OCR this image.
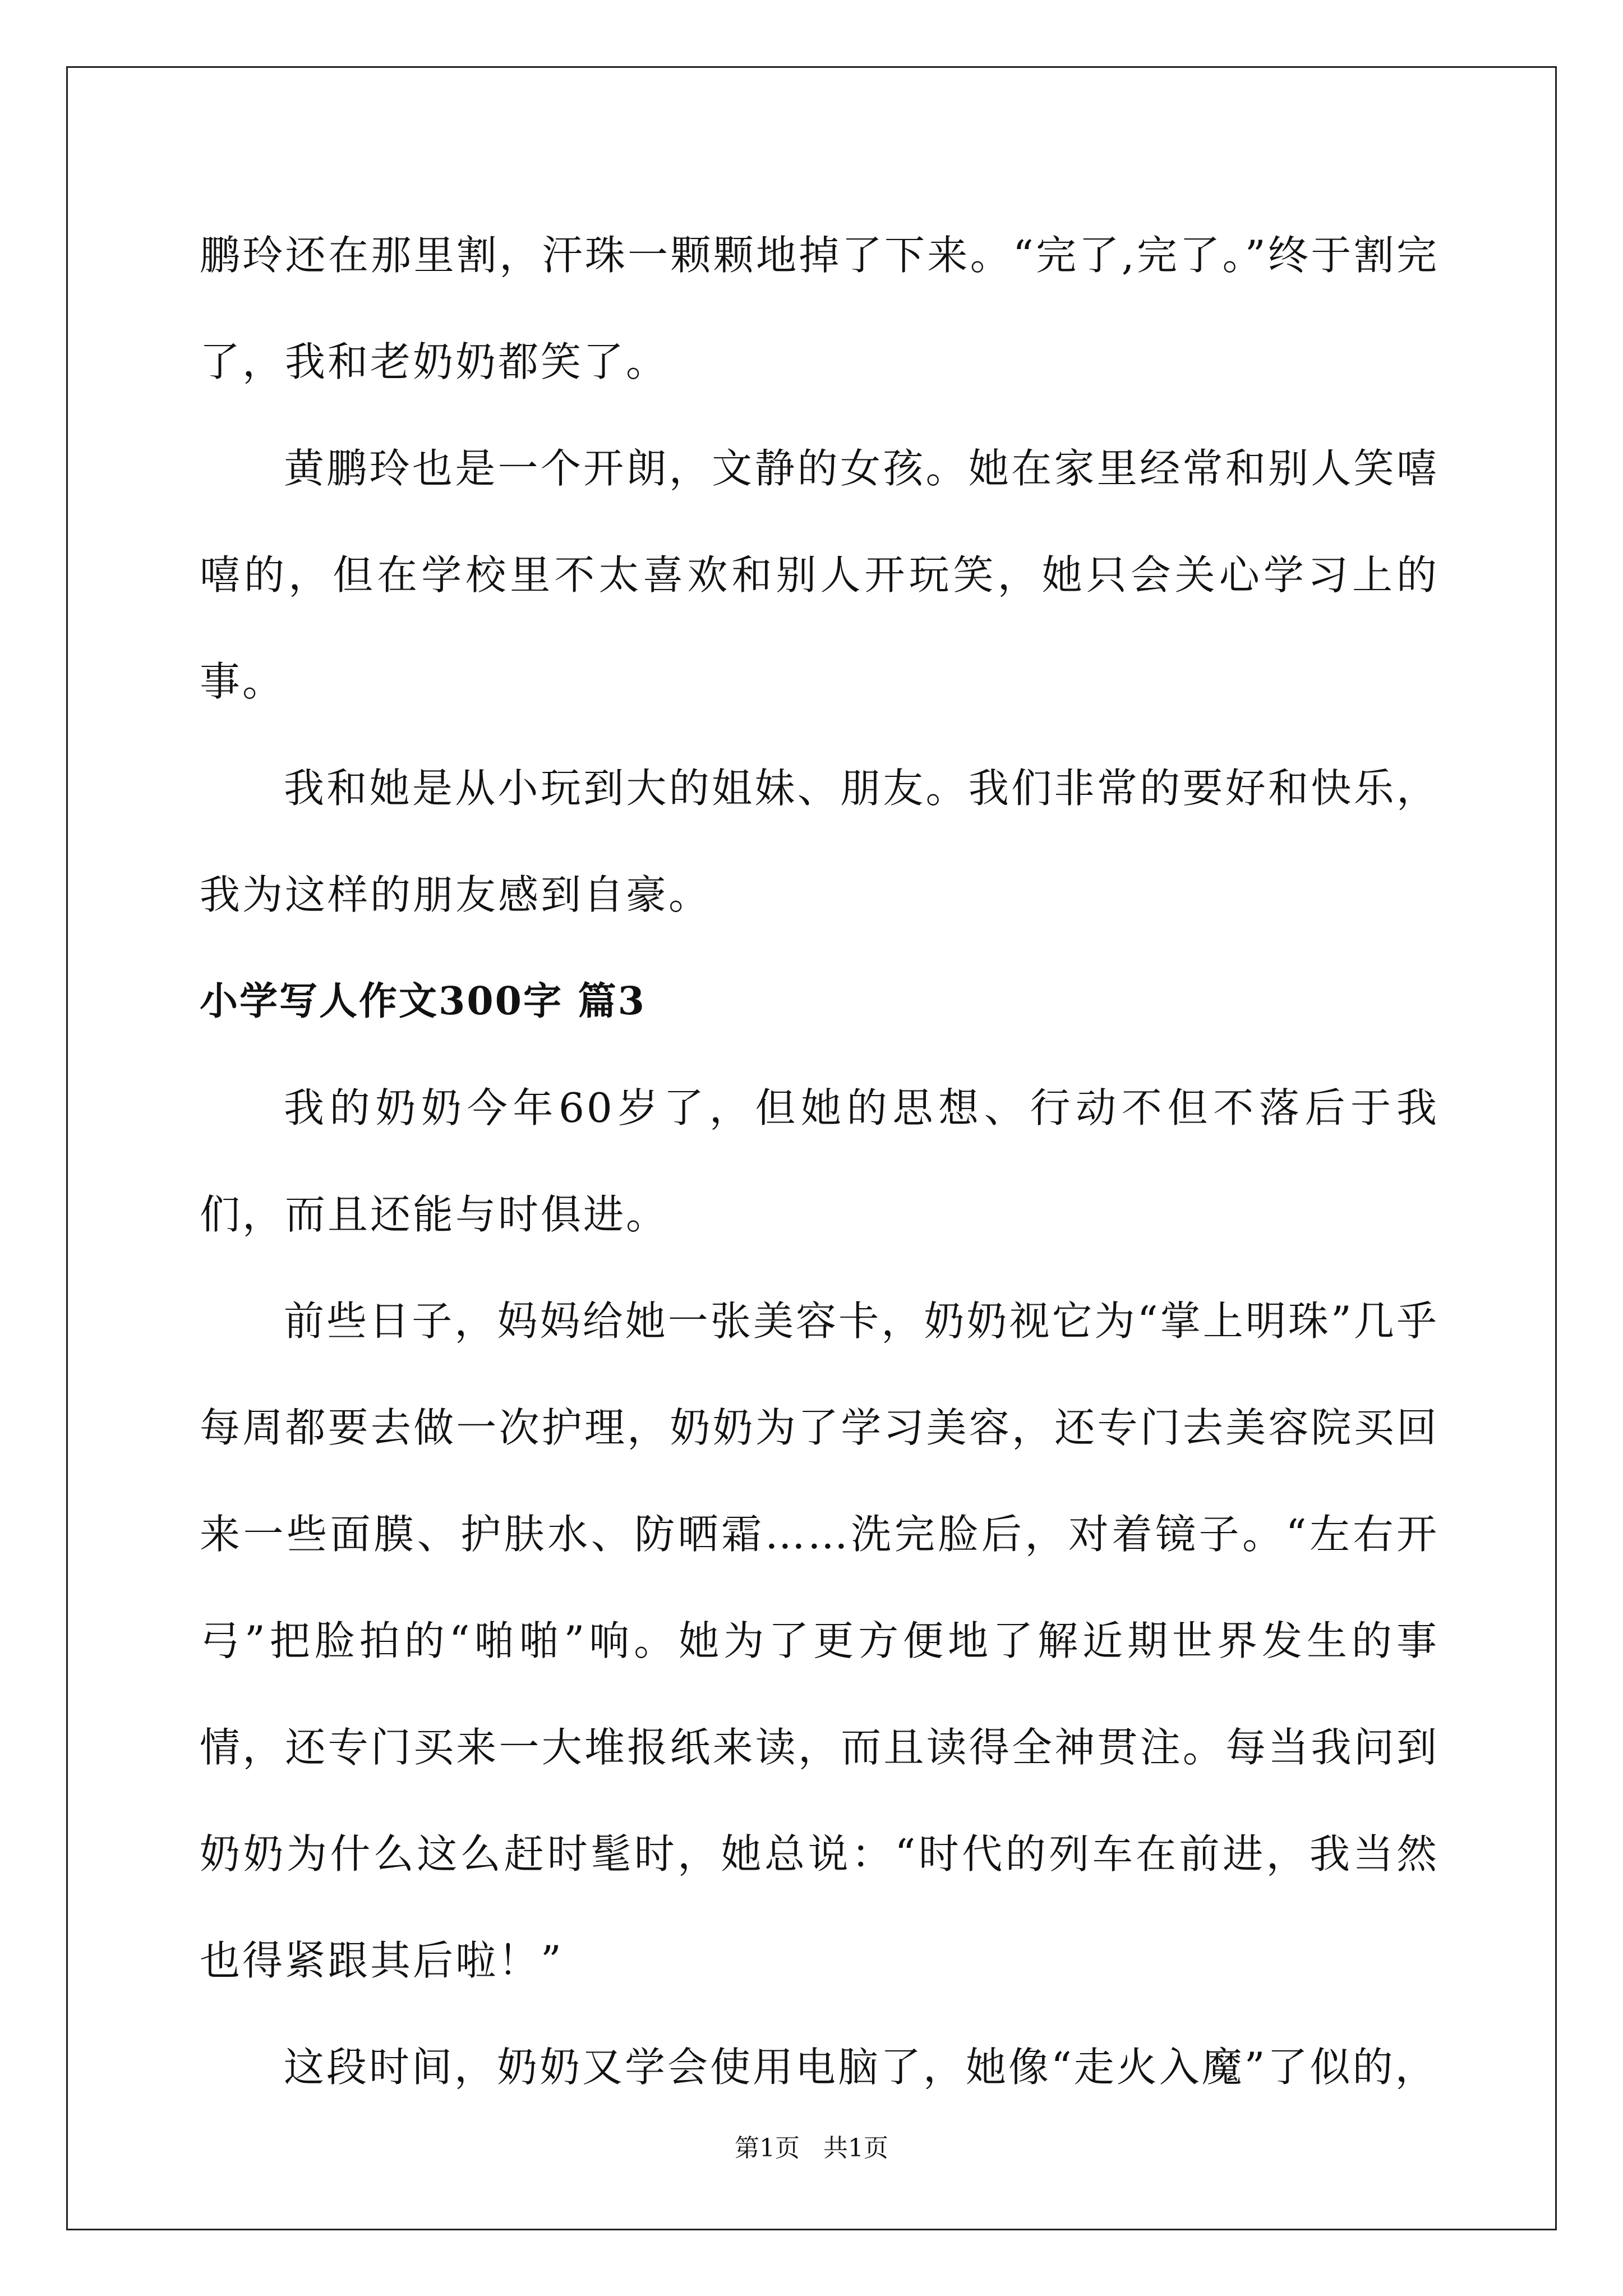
鹏玲还在那里割，汗珠一颗颗地掉了下来。“完了,完了。”终于割完了，我和老奶奶都笑了。

黄鹏玲也是一个开朗，文静的女孩。她在家里经常和别人笑嘻嘻的，但在学校里不太喜欢和别人开玩笑，她只会关心学习上的事。

我和她是从小玩到大的姐妹、朋友。我们非常的要好和快乐，我为这样的朋友感到自豪。

小学写人作文300字 篇3

我的奶奶今年60岁了，但她的思想、行动不但不落后于我们，而且还能与时俱进。

前些日子，妈妈给她一张美容卡，奶奶视它为“掌上明珠”几乎每周都要去做一次护理，奶奶为了学习美容，还专门去美容院买回来一些面膜、护肤水、防晒霜……洗完脸后，对着镜子。“左右开弓”把脸拍的“啪啪”响。她为了更方便地了解近期世界发生的事情，还专门买来一大堆报纸来读，而且读得全神贯注。每当我问到奶奶为什么这么赶时髦时，她总说：“时代的列车在前进，我当然也得紧跟其后啦！”

这段时间，奶奶又学会使用电脑了，她像“走火入魔”了似的，

第1页 共1页
